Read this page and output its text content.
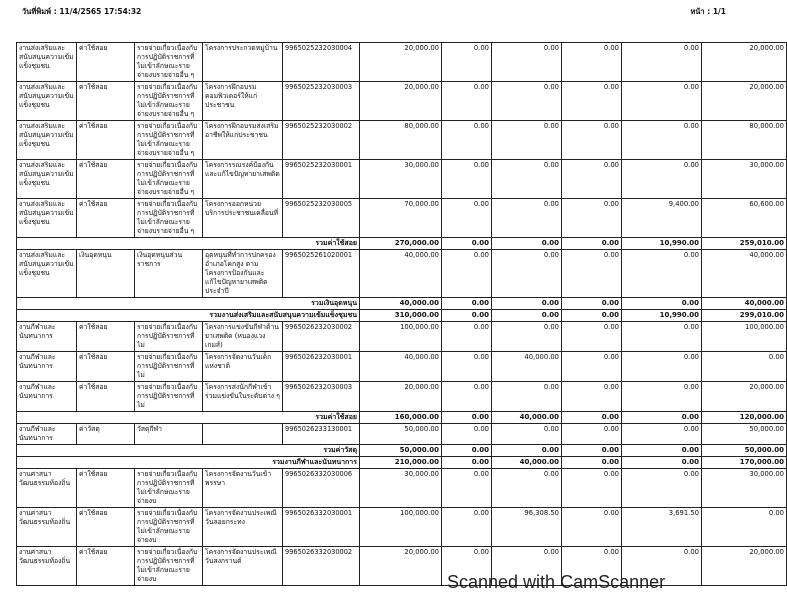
วันที่พิมพ์ : 11/4/2565 17:54:32	หน้า : 1/1
งานส่งเสริมและสนับสนุนความเข้มแข็งชุมชน	ค่าใช้สอย	รายจ่ายเกี่ยวเนื่องกับการปฏิบัติราชการที่ไม่เข้าลักษณะรายจ่ายงบรายจ่ายอื่น ๆ	โครงการประกวดหมู่บ้าน	9965025232030004	20,000.00	0.00	0.00	0.00	0.00	20,000.00
งานส่งเสริมและสนับสนุนความเข้มแข็งชุมชน	ค่าใช้สอย	รายจ่ายเกี่ยวเนื่องกับการปฏิบัติราชการที่ไม่เข้าลักษณะรายจ่ายงบรายจ่ายอื่น ๆ	โครงการฝึกอบรมคอมพิวเตอร์ให้แก่ประชาชน	9965025232030003	20,000.00	0.00	0.00	0.00	0.00	20,000.00
งานส่งเสริมและสนับสนุนความเข้มแข็งชุมชน	ค่าใช้สอย	รายจ่ายเกี่ยวเนื่องกับการปฏิบัติราชการที่ไม่เข้าลักษณะรายจ่ายงบรายจ่ายอื่น ๆ	โครงการฝึกอบรมส่งเสริมอาชีพให้แก่ประชาชน	9965025232030002	80,000.00	0.00	0.00	0.00	0.00	80,000.00
งานส่งเสริมและสนับสนุนความเข้มแข็งชุมชน	ค่าใช้สอย	รายจ่ายเกี่ยวเนื่องกับการปฏิบัติราชการที่ไม่เข้าลักษณะรายจ่ายงบรายจ่ายอื่น ๆ	โครงการรณรงค์ป้องกันและแก้ไขปัญหายาเสพติด	9965025232030001	30,000.00	0.00	0.00	0.00	0.00	30,000.00
งานส่งเสริมและสนับสนุนความเข้มแข็งชุมชน	ค่าใช้สอย	รายจ่ายเกี่ยวเนื่องกับการปฏิบัติราชการที่ไม่เข้าลักษณะรายจ่ายงบรายจ่ายอื่น ๆ	โครงการออกหน่วยบริการประชาชนเคลื่อนที่	9965025232030005	70,000.00	0.00	0.00	0.00	9,400.00	60,600.00
รวมค่าใช้สอย					270,000.00	0.00	0.00	0.00	10,990.00	259,010.00
งานส่งเสริมและสนับสนุนความเข้มแข็งชุมชน	เงินอุดหนุน	เงินอุดหนุนส่วนราชการ	อุดหนุนที่ทำการปกครองอำเภอโคกสูง ตามโครงการป้องกันและแก้ไขปัญหายาเสพติด ประจำปี	9965025261020001	40,000.00	0.00	0.00	0.00	0.00	40,000.00
รวมเงินอุดหนุน					40,000.00	0.00	0.00	0.00	0.00	40,000.00
รวมงานส่งเสริมและสนับสนุนความเข้มแข็งชุมชน					310,000.00	0.00	0.00	0.00	10,990.00	299,010.00
งานกีฬาและนันทนาการ	ค่าใช้สอย	รายจ่ายเกี่ยวเนื่องกับการปฏิบัติราชการที่ไม่	โครงการแข่งขันกีฬาต้านยาเสพติด (หนองแวงเกมส์)	9965026232030002	100,000.00	0.00	0.00	0.00	0.00	100,000.00
งานกีฬาและนันทนาการ	ค่าใช้สอย	รายจ่ายเกี่ยวเนื่องกับการปฏิบัติราชการที่ไม่	โครงการจัดงานวันเด็กแห่งชาติ	9965026232030001	40,000.00	0.00	40,000.00	0.00	0.00	0.00
งานกีฬาและนันทนาการ	ค่าใช้สอย	รายจ่ายเกี่ยวเนื่องกับการปฏิบัติราชการที่ไม่	โครงการส่งนักกีฬาเข้าร่วมแข่งขันในระดับต่าง ๆ	9965026232030003	20,000.00	0.00	0.00	0.00	0.00	20,000.00
รวมค่าใช้สอย					160,000.00	0.00	40,000.00	0.00	0.00	120,000.00
งานกีฬาและนันทนาการ	ค่าวัสดุ	วัสดุกีฬา		9965026233130001	50,000.00	0.00	0.00	0.00	0.00	50,000.00
รวมค่าวัสดุ					50,000.00	0.00	0.00	0.00	0.00	50,000.00
รวมงานกีฬาและนันทนาการ					210,000.00	0.00	40,000.00	0.00	0.00	170,000.00
งานศาสนาวัฒนธรรมท้องถิ่น	ค่าใช้สอย	รายจ่ายเกี่ยวเนื่องกับการปฏิบัติราชการที่ไม่เข้าลักษณะรายจ่ายงบ	โครงการจัดงานวันเข้าพรรษา	9965026332030006	30,000.00	0.00	0.00	0.00	0.00	30,000.00
งานศาสนาวัฒนธรรมท้องถิ่น	ค่าใช้สอย	รายจ่ายเกี่ยวเนื่องกับการปฏิบัติราชการที่ไม่เข้าลักษณะรายจ่ายงบ	โครงการจัดงานประเพณีวันลอยกระทง	9965026332030001	100,000.00	0.00	96,308.50	0.00	3,691.50	0.00
งานศาสนาวัฒนธรรมท้องถิ่น	ค่าใช้สอย	รายจ่ายเกี่ยวเนื่องกับการปฏิบัติราชการที่ไม่เข้าลักษณะรายจ่ายงบ	โครงการจัดงานประเพณีวันสงกรานต์	9965026332030002	20,000.00	0.00	0.00	0.00	0.00	20,000.00
Scanned with CamScanner
